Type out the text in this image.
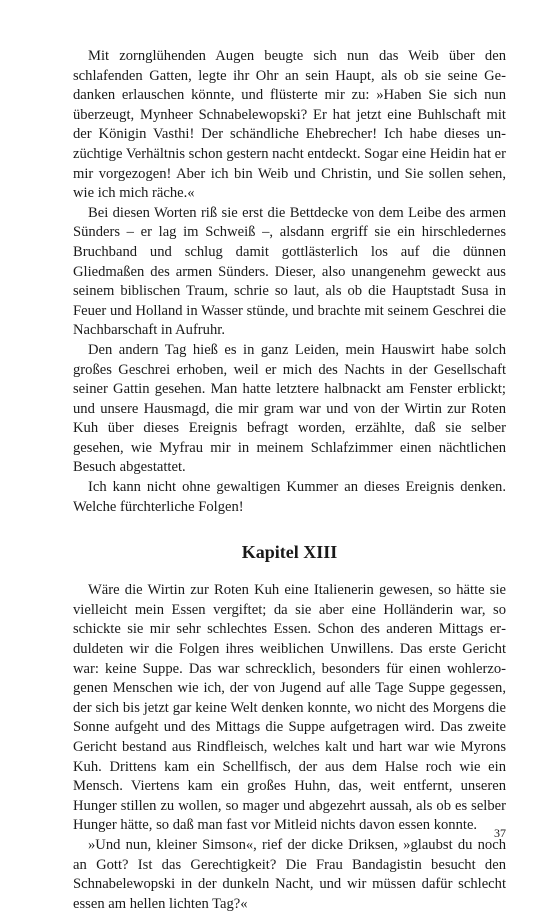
Mit zornglühenden Augen beugte sich nun das Weib über den schlafenden Gatten, legte ihr Ohr an sein Haupt, als ob sie seine Gedanken erlauschen könnte, und flüsterte mir zu: »Haben Sie sich nun überzeugt, Mynheer Schnabelewopski? Er hat jetzt eine Buhlschaft mit der Königin Vasthi! Der schändliche Ehebrecher! Ich habe dieses unzüchtige Verhältnis schon gestern nacht entdeckt. Sogar eine Heidin hat er mir vorgezogen! Aber ich bin Weib und Christin, und Sie sollen sehen, wie ich mich räche.«

Bei diesen Worten riß sie erst die Bettdecke von dem Leibe des armen Sünders – er lag im Schweiß –, alsdann ergriff sie ein hirschledernes Bruchband und schlug damit gottlästerlich los auf die dünnen Gliedmaßen des armen Sünders. Dieser, also unangenehm geweckt aus seinem biblischen Traum, schrie so laut, als ob die Hauptstadt Susa in Feuer und Holland in Wasser stünde, und brachte mit seinem Geschrei die Nachbarschaft in Aufruhr.

Den andern Tag hieß es in ganz Leiden, mein Hauswirt habe solch großes Geschrei erhoben, weil er mich des Nachts in der Gesellschaft seiner Gattin gesehen. Man hatte letztere halbnackt am Fenster erblickt; und unsere Hausmagd, die mir gram war und von der Wirtin zur Roten Kuh über dieses Ereignis befragt worden, erzählte, daß sie selber gesehen, wie Myfrau mir in meinem Schlafzimmer einen nächtlichen Besuch abgestattet.

Ich kann nicht ohne gewaltigen Kummer an dieses Ereignis denken. Welche fürchterliche Folgen!

Kapitel XIII

Wäre die Wirtin zur Roten Kuh eine Italienerin gewesen, so hätte sie vielleicht mein Essen vergiftet; da sie aber eine Holländerin war, so schickte sie mir sehr schlechtes Essen. Schon des anderen Mittags erduldeten wir die Folgen ihres weiblichen Unwillens. Das erste Gericht war: keine Suppe. Das war schrecklich, besonders für einen wohlerzogenen Menschen wie ich, der von Jugend auf alle Tage Suppe gegessen, der sich bis jetzt gar keine Welt denken konnte, wo nicht des Morgens die Sonne aufgeht und des Mittags die Suppe aufgetragen wird. Das zweite Gericht bestand aus Rindfleisch, welches kalt und hart war wie Myrons Kuh. Drittens kam ein Schellfisch, der aus dem Halse roch wie ein Mensch. Viertens kam ein großes Huhn, das, weit entfernt, unseren Hunger stillen zu wollen, so mager und abgezehrt aussah, als ob es selber Hunger hätte, so daß man fast vor Mitleid nichts davon essen konnte.

»Und nun, kleiner Simson«, rief der dicke Driksen, »glaubst du noch an Gott? Ist das Gerechtigkeit? Die Frau Bandagistin besucht den Schnabelewopski in der dunkeln Nacht, und wir müssen dafür schlecht essen am hellen lichten Tag?«

37
